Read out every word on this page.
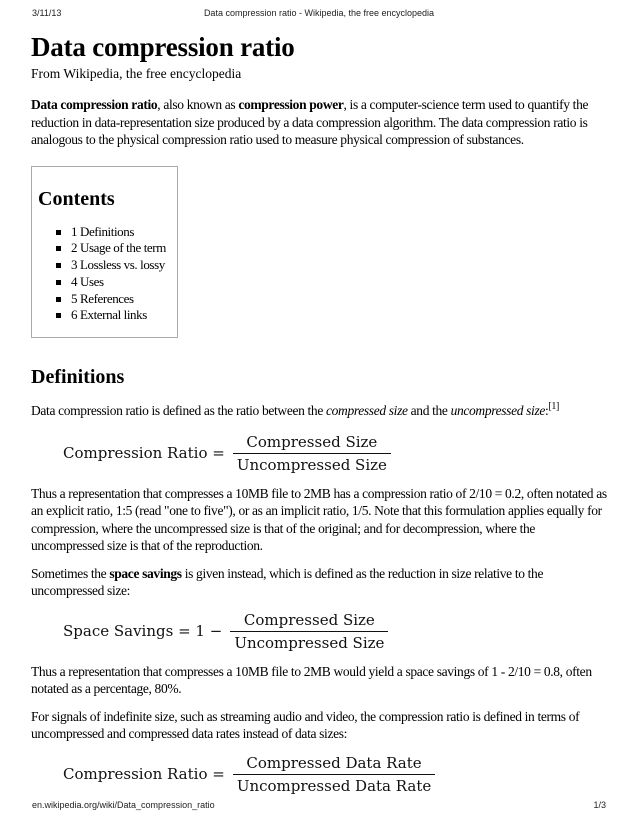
3/11/13	Data compression ratio - Wikipedia, the free encyclopedia
Data compression ratio
From Wikipedia, the free encyclopedia

Data compression ratio, also known as compression power, is a computer-science term used to quantify the reduction in data-representation size produced by a data compression algorithm. The data compression ratio is analogous to the physical compression ratio used to measure physical compression of substances.

Contents
1 Definitions
2 Usage of the term
3 Lossless vs. lossy
4 Uses
5 References
6 External links
Definitions

Data compression ratio is defined as the ratio between the compressed size and the uncompressed size:[1]

Compression Ratio = $\frac{\text{Compressed Size}}{\text{Uncompressed Size}}$

Thus a representation that compresses a 10MB file to 2MB has a compression ratio of 2/10 = 0.2, often notated as an explicit ratio, 1:5 (read "one to five"), or as an implicit ratio, 1/5. Note that this formulation applies equally for compression, where the uncompressed size is that of the original; and for decompression, where the uncompressed size is that of the reproduction.

Sometimes the space savings is given instead, which is defined as the reduction in size relative to the uncompressed size:

Space Savings = $1 - \frac{\text{Compressed Size}}{\text{Uncompressed Size}}$

Thus a representation that compresses a 10MB file to 2MB would yield a space savings of 1 - 2/10 = 0.8, often notated as a percentage, 80%.

For signals of indefinite size, such as streaming audio and video, the compression ratio is defined in terms of uncompressed and compressed data rates instead of data sizes:

Compression Ratio = $\frac{\text{Compressed Data Rate}}{\text{Uncompressed Data Rate}}$
en.wikipedia.org/wiki/Data_compression_ratio	1/3
